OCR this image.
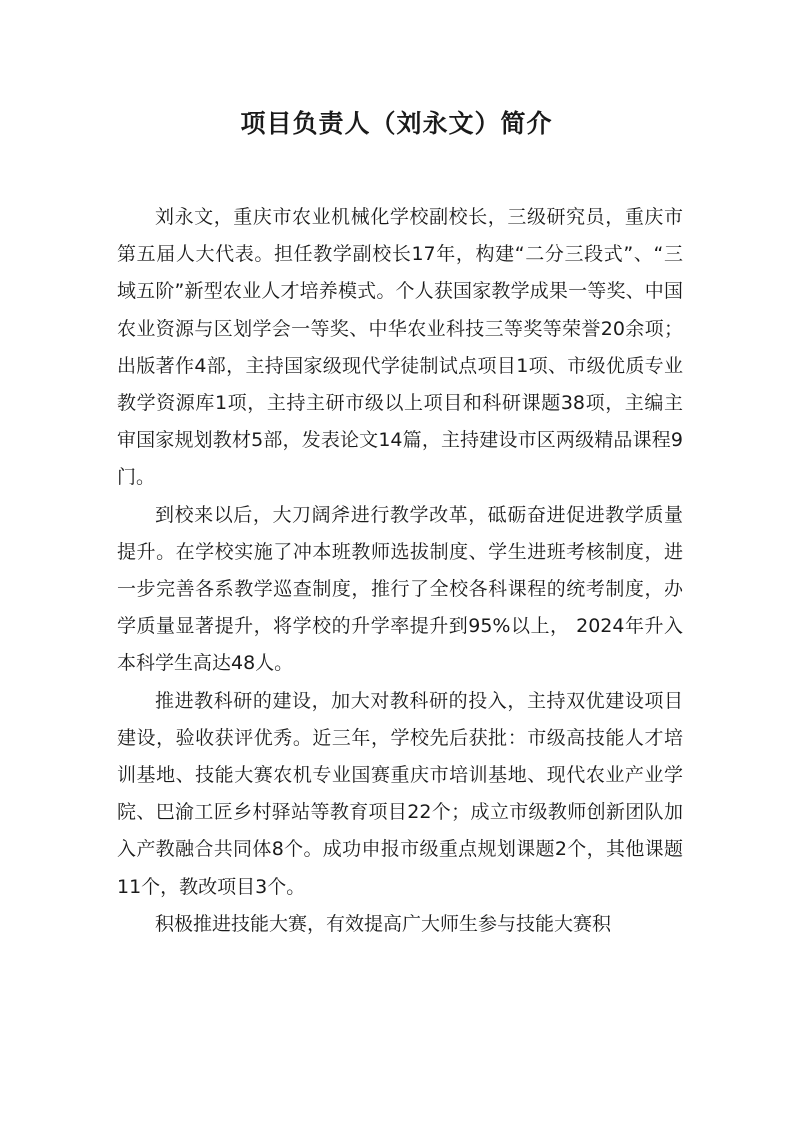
项目负责人（刘永文）简介

刘永文，重庆市农业机械化学校副校长，三级研究员，重庆市第五届人大代表。担任教学副校长17年，构建“二分三段式”、“三域五阶”新型农业人才培养模式。个人获国家教学成果一等奖、中国农业资源与区划学会一等奖、中华农业科技三等奖等荣誉20余项；出版著作4部，主持国家级现代学徒制试点项目1项、市级优质专业教学资源库1项，主持主研市级以上项目和科研课题38项，主编主审国家规划教材5部，发表论文14篇，主持建设市区两级精品课程9门。

到校来以后，大刀阔斧进行教学改革，砥砺奋进促进教学质量提升。在学校实施了冲本班教师选拔制度、学生进班考核制度，进一步完善各系教学巡查制度，推行了全校各科课程的统考制度，办学质量显著提升，将学校的升学率提升到95%以上， 2024年升入本科学生高达48人。

推进教科研的建设，加大对教科研的投入，主持双优建设项目建设，验收获评优秀。近三年，学校先后获批：市级高技能人才培训基地、技能大赛农机专业国赛重庆市培训基地、现代农业产业学院、巴渝工匠乡村驿站等教育项目22个；成立市级教师创新团队加入产教融合共同体8个。成功申报市级重点规划课题2个，其他课题11个，教改项目3个。

积极推进技能大赛，有效提高广大师生参与技能大赛积
